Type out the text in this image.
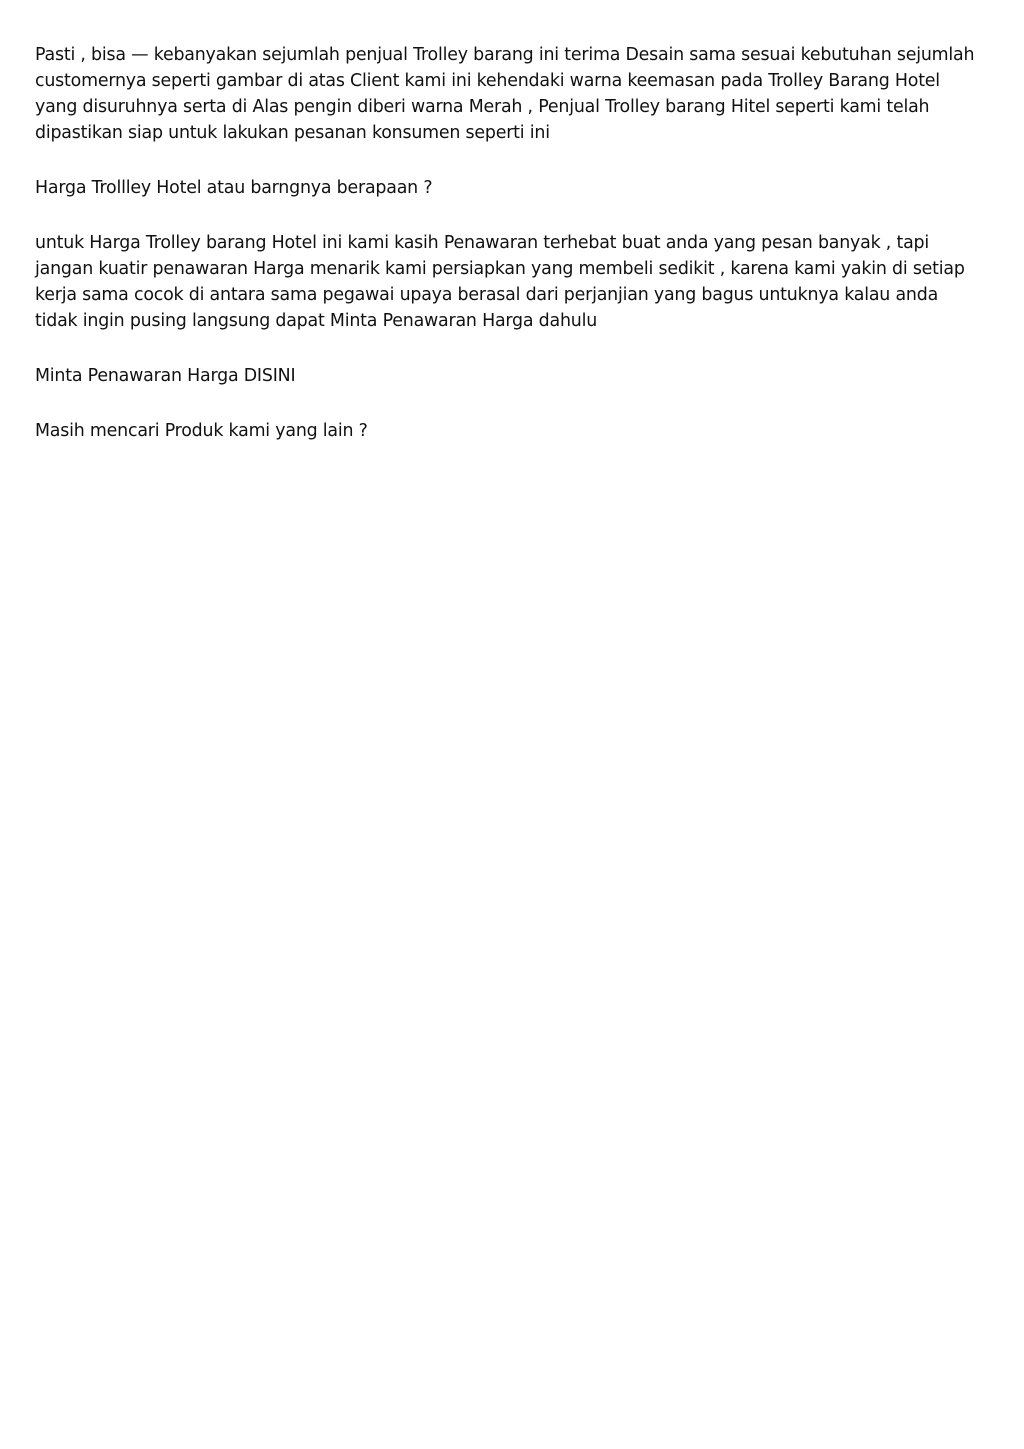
Pasti , bisa — kebanyakan sejumlah penjual Trolley barang ini terima Desain sama sesuai kebutuhan sejumlah customernya seperti gambar di atas Client kami ini kehendaki warna keemasan pada Trolley Barang Hotel yang disuruhnya serta di Alas pengin diberi warna Merah , Penjual Trolley barang Hitel seperti kami telah dipastikan siap untuk lakukan pesanan konsumen seperti ini

Harga Trollley Hotel atau barngnya berapaan ?

untuk Harga Trolley barang Hotel ini kami kasih Penawaran terhebat buat anda yang pesan banyak , tapi jangan kuatir penawaran Harga menarik kami persiapkan yang membeli sedikit , karena kami yakin di setiap kerja sama cocok di antara sama pegawai upaya berasal dari perjanjian yang bagus untuknya kalau anda tidak ingin pusing langsung dapat Minta Penawaran Harga dahulu

Minta Penawaran Harga DISINI

Masih mencari Produk kami yang lain ?
